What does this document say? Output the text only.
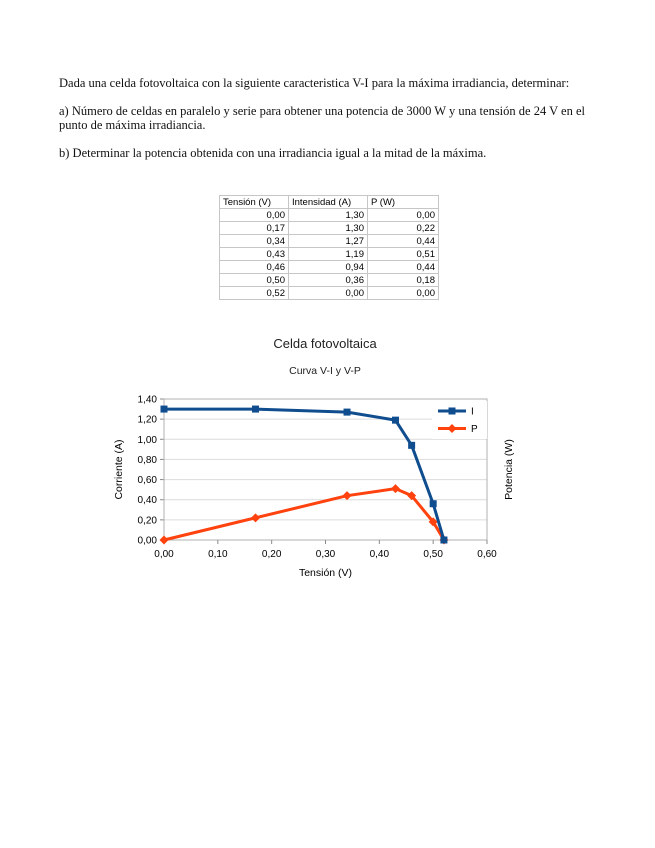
Dada una celda fotovoltaica con la siguiente caracteristica V-I para la máxima irradiancia, determinar:

a) Número de celdas en paralelo y serie para obtener una potencia de 3000 W y una tensión de 24 V en el punto de máxima irradiancia.

b) Determinar la potencia obtenida con una irradiancia igual a la mitad de la máxima.

Tensión (V)	Intensidad (A)	P (W)
0,00	1,30	0,00
0,17	1,30	0,22
0,34	1,27	0,44
0,43	1,19	0,51
0,46	0,94	0,44
0,50	0,36	0,18
0,52	0,00	0,00
Celda fotovoltaica
Curva V-I y V-P
0,00
0,20
0,40
0,60
0,80
1,00
1,20
1,40
0,00	0,10	0,20	0,30	0,40	0,50	0,60
Corriente (A)	Potencia (W)
Tensión (V)
I
P
